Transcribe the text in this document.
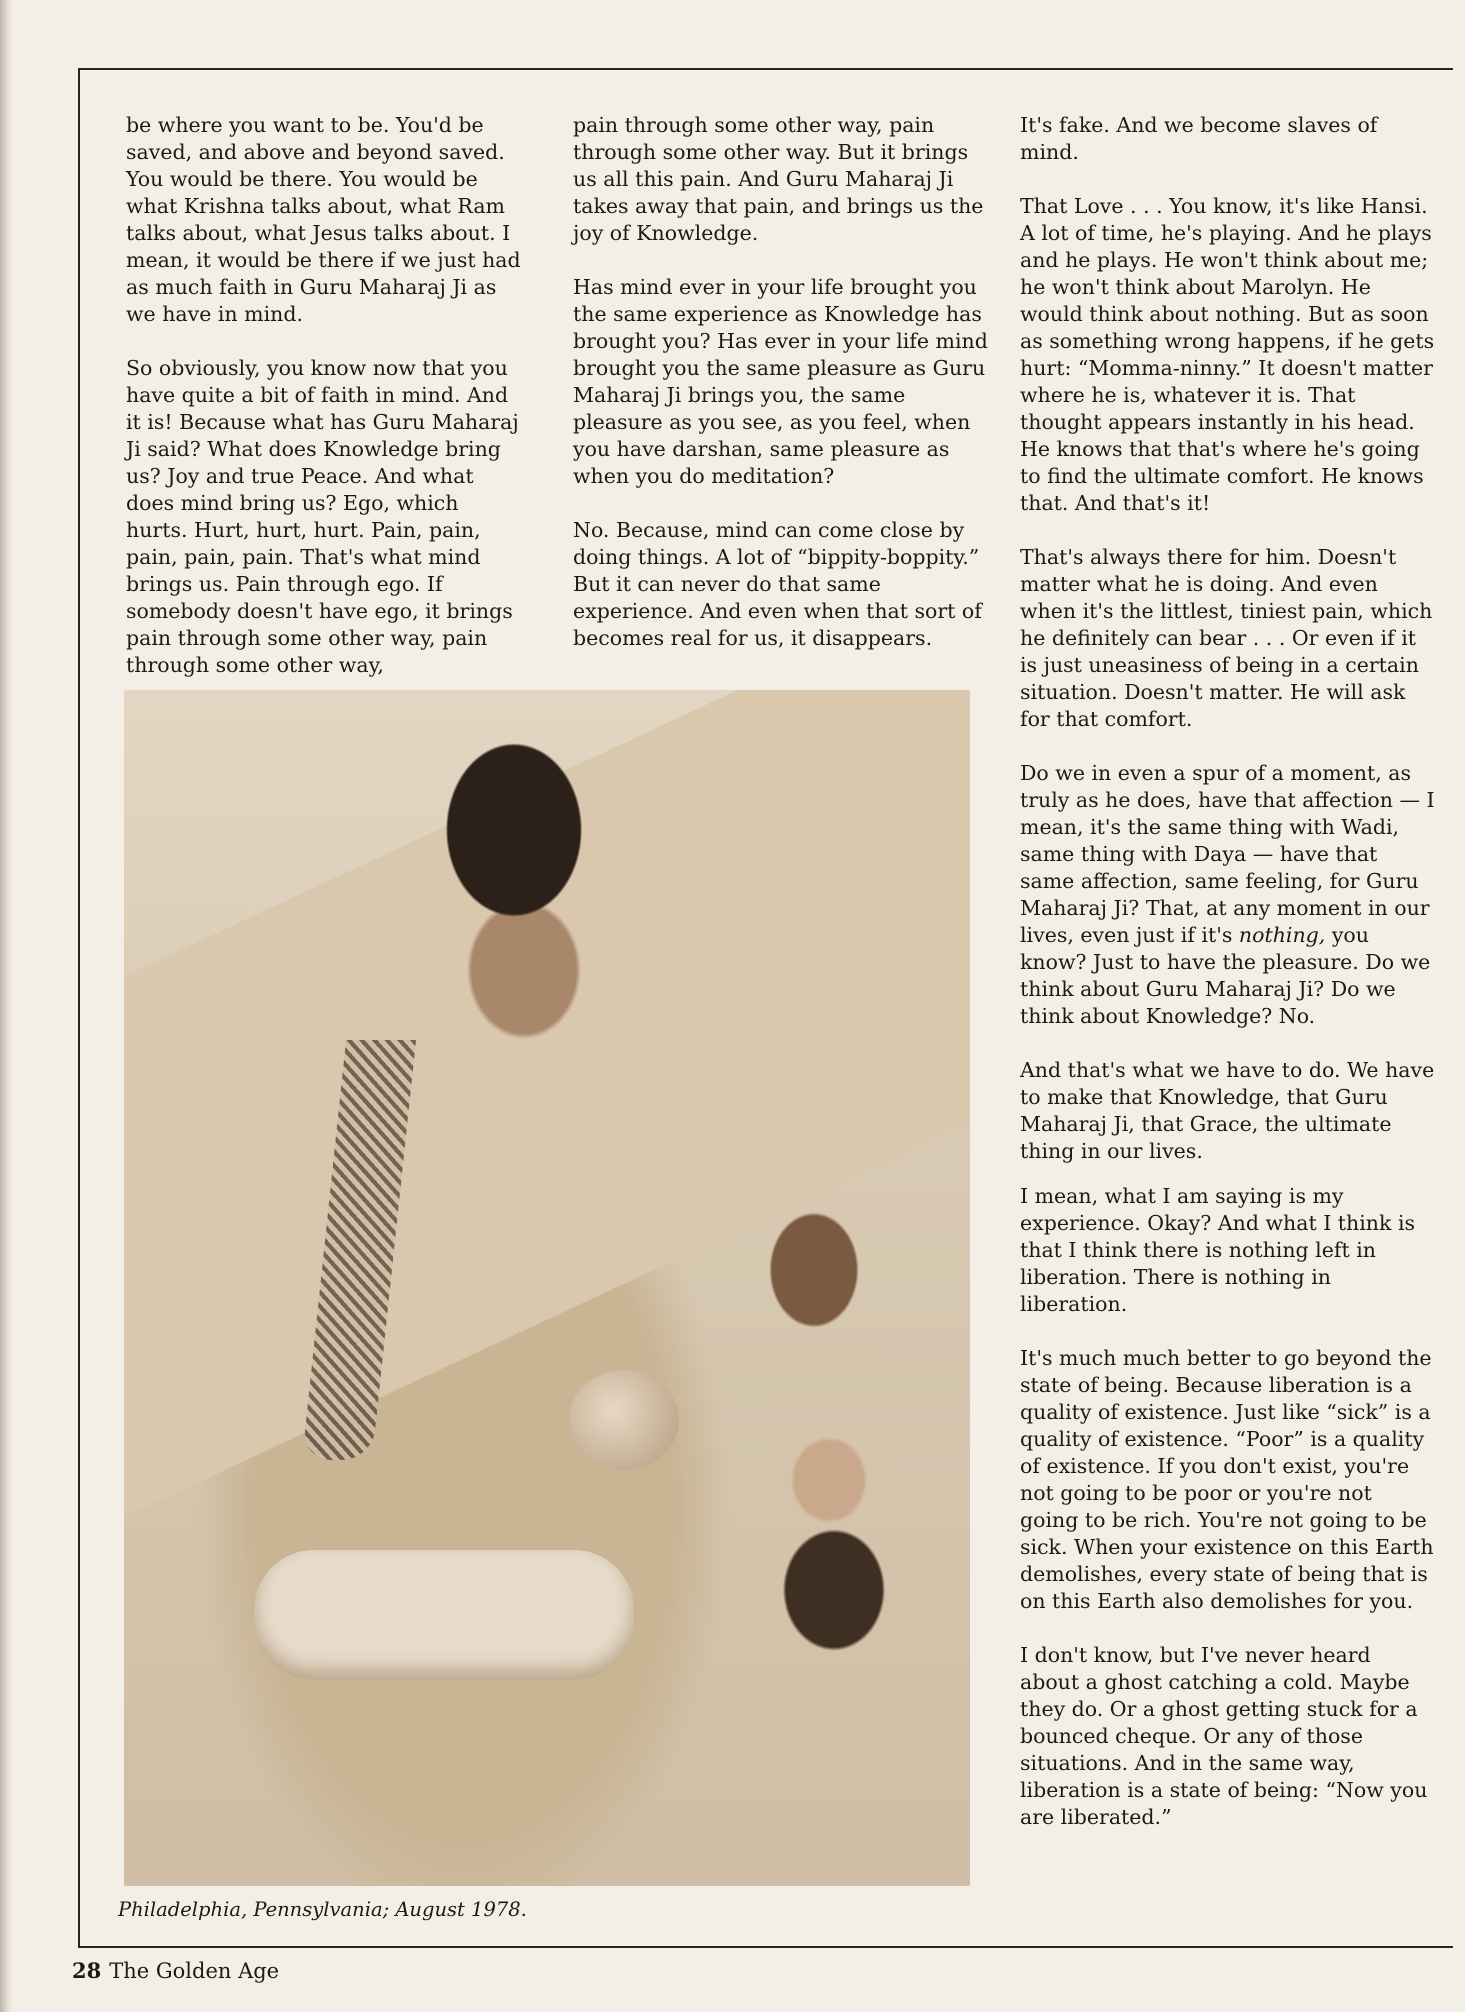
be where you want to be. You'd be saved, and above and beyond saved. You would be there. You would be what Krishna talks about, what Ram talks about, what Jesus talks about. I mean, it would be there if we just had as much faith in Guru Maharaj Ji as we have in mind.

So obviously, you know now that you have quite a bit of faith in mind. And it is! Because what has Guru Maharaj Ji said? What does Knowledge bring us? Joy and true Peace. And what does mind bring us? Ego, which hurts. Hurt, hurt, hurt. Pain, pain, pain, pain, pain. That's what mind brings us. Pain through ego. If somebody doesn't have ego, it brings pain through some other way, pain through some other way,

pain through some other way, pain through some other way. But it brings us all this pain. And Guru Maharaj Ji takes away that pain, and brings us the joy of Knowledge.

Has mind ever in your life brought you the same experience as Knowledge has brought you? Has ever in your life mind brought you the same pleasure as Guru Maharaj Ji brings you, the same pleasure as you see, as you feel, when you have darshan, same pleasure as when you do meditation?

No. Because, mind can come close by doing things. A lot of “bippity-boppity.” But it can never do that same experience. And even when that sort of becomes real for us, it disappears.

It's fake. And we become slaves of mind.

That Love . . . You know, it's like Hansi. A lot of time, he's playing. And he plays and he plays. He won't think about me; he won't think about Marolyn. He would think about nothing. But as soon as something wrong happens, if he gets hurt: “Momma-ninny.” It doesn't matter where he is, whatever it is. That thought appears instantly in his head. He knows that that's where he's going to find the ultimate comfort. He knows that. And that's it!

That's always there for him. Doesn't matter what he is doing. And even when it's the littlest, tiniest pain, which he definitely can bear . . . Or even if it is just uneasiness of being in a certain situation. Doesn't matter. He will ask for that comfort.

Do we in even a spur of a moment, as truly as he does, have that affection — I mean, it's the same thing with Wadi, same thing with Daya — have that same affection, same feeling, for Guru Maharaj Ji? That, at any moment in our lives, even just if it's nothing, you know? Just to have the pleasure. Do we think about Guru Maharaj Ji? Do we think about Knowledge? No.

And that's what we have to do. We have to make that Knowledge, that Guru Maharaj Ji, that Grace, the ultimate thing in our lives.

I mean, what I am saying is my experience. Okay? And what I think is that I think there is nothing left in liberation. There is nothing in liberation.

It's much much better to go beyond the state of being. Because liberation is a quality of existence. Just like “sick” is a quality of existence. “Poor” is a quality of existence. If you don't exist, you're not going to be poor or you're not going to be rich. You're not going to be sick. When your existence on this Earth demolishes, every state of being that is on this Earth also demolishes for you.

I don't know, but I've never heard about a ghost catching a cold. Maybe they do. Or a ghost getting stuck for a bounced cheque. Or any of those situations. And in the same way, liberation is a state of being: “Now you are liberated.”

Philadelphia, Pennsylvania; August 1978.
28 The Golden Age
